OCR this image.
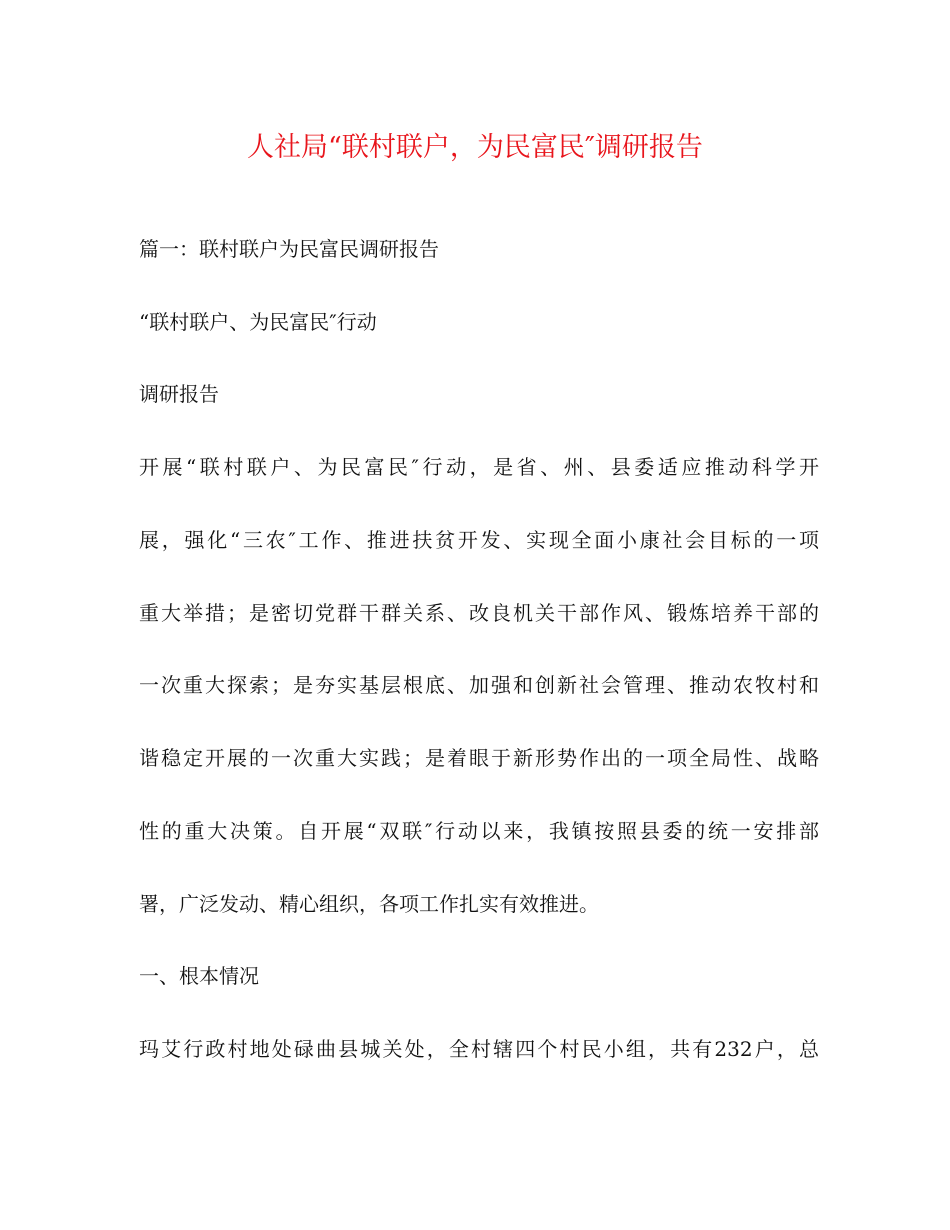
人社局“联村联户，为民富民″调研报告
篇一：联村联户为民富民调研报告
“联村联户、为民富民″行动
调研报告
开展“联村联户、为民富民″行动，是省、州、县委适应推动科学开
展，强化“三农″工作、推进扶贫开发、实现全面小康社会目标的一项
重大举措；是密切党群干群关系、改良机关干部作风、锻炼培养干部的
一次重大探索；是夯实基层根底、加强和创新社会管理、推动农牧村和
谐稳定开展的一次重大实践；是着眼于新形势作出的一项全局性、战略
性的重大决策。自开展“双联″行动以来，我镇按照县委的统一安排部
署，广泛发动、精心组织，各项工作扎实有效推进。
一、根本情况
玛艾行政村地处碌曲县城关处，全村辖四个村民小组，共有232户，总
